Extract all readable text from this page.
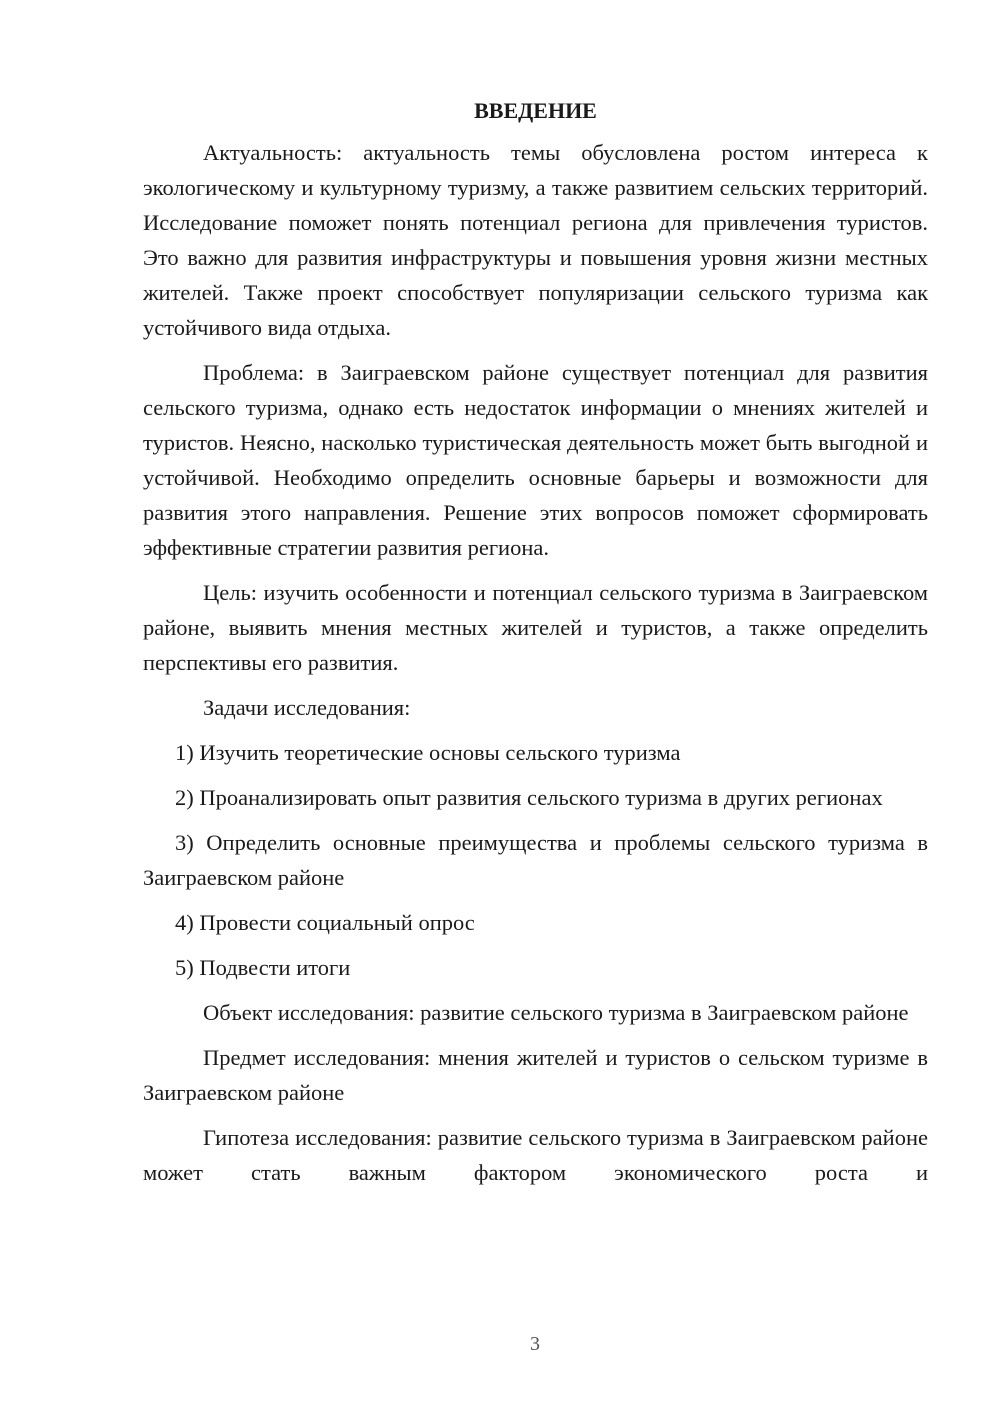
ВВЕДЕНИЕ

Актуальность: актуальность темы обусловлена ростом интереса к экологическому и культурному туризму, а также развитием сельских территорий. Исследование поможет понять потенциал региона для привлечения туристов. Это важно для развития инфраструктуры и повышения уровня жизни местных жителей. Также проект способствует популяризации сельского туризма как устойчивого вида отдыха.

Проблема: в Заиграевском районе существует потенциал для развития сельского туризма, однако есть недостаток информации о мнениях жителей и туристов. Неясно, насколько туристическая деятельность может быть выгодной и устойчивой. Необходимо определить основные барьеры и возможности для развития этого направления. Решение этих вопросов поможет сформировать эффективные стратегии развития региона.

Цель: изучить особенности и потенциал сельского туризма в Заиграевском районе, выявить мнения местных жителей и туристов, а также определить перспективы его развития.

Задачи исследования:

1) Изучить теоретические основы сельского туризма

2) Проанализировать опыт развития сельского туризма в других регионах

3) Определить основные преимущества и проблемы сельского туризма в Заиграевском районе

4) Провести социальный опрос

5) Подвести итоги

Объект исследования: развитие сельского туризма в Заиграевском районе

Предмет исследования: мнения жителей и туристов о сельском туризме в Заиграевском районе

Гипотеза исследования: развитие сельского туризма в Заиграевском районе может стать важным фактором экономического роста и

3
